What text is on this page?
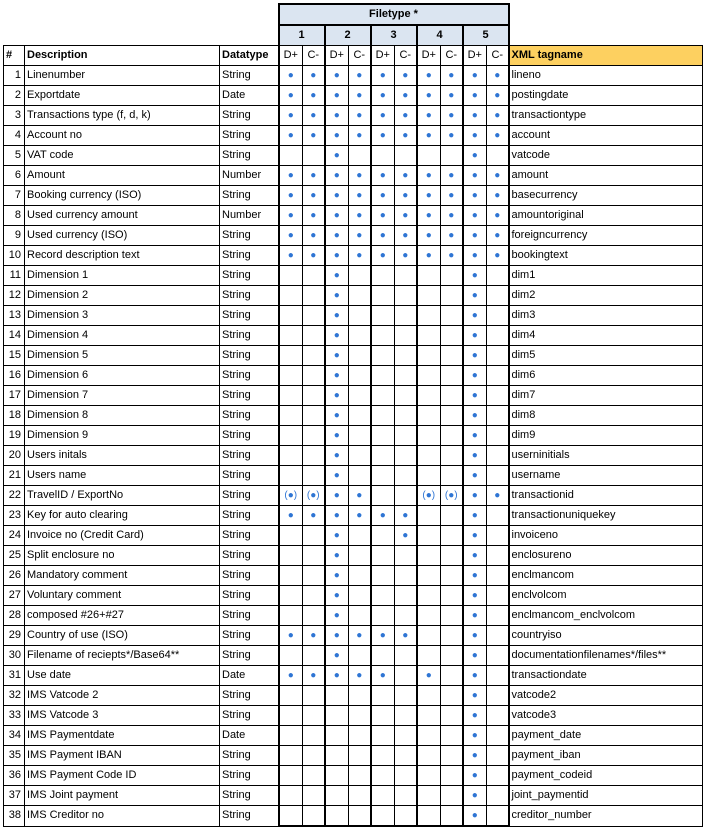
			Filetype *										
			1		2		3		4		5		
#	Description	Datatype	D+	C-	D+	C-	D+	C-	D+	C-	D+	C-	XML tagname
1	Linenumber	String	●	●	●	●	●	●	●	●	●	●	lineno
2	Exportdate	Date	●	●	●	●	●	●	●	●	●	●	postingdate
3	Transactions type (f, d, k)	String	●	●	●	●	●	●	●	●	●	●	transactiontype
4	Account no	String	●	●	●	●	●	●	●	●	●	●	account
5	VAT code	String			●						●		vatcode
6	Amount	Number	●	●	●	●	●	●	●	●	●	●	amount
7	Booking currency (ISO)	String	●	●	●	●	●	●	●	●	●	●	basecurrency
8	Used currency amount	Number	●	●	●	●	●	●	●	●	●	●	amountoriginal
9	Used currency (ISO)	String	●	●	●	●	●	●	●	●	●	●	foreigncurrency
10	Record description text	String	●	●	●	●	●	●	●	●	●	●	bookingtext
11	Dimension 1	String			●						●		dim1
12	Dimension 2	String			●						●		dim2
13	Dimension 3	String			●						●		dim3
14	Dimension 4	String			●						●		dim4
15	Dimension 5	String			●						●		dim5
16	Dimension 6	String			●						●		dim6
17	Dimension 7	String			●						●		dim7
18	Dimension 8	String			●						●		dim8
19	Dimension 9	String			●						●		dim9
20	Users initals	String			●						●		userninitials
21	Users name	String			●						●		username
22	TravelID / ExportNo	String	(●)	(●)	●	●			(●)	(●)	●	●	transactionid
23	Key for auto clearing	String	●	●	●	●	●	●			●		transactionuniquekey
24	Invoice no (Credit Card)	String			●			●			●		invoiceno
25	Split enclosure no	String			●						●		enclosureno
26	Mandatory comment	String			●						●		enclmancom
27	Voluntary comment	String			●						●		enclvolcom
28	composed #26+#27	String			●						●		enclmancom_enclvolcom
29	Country of use (ISO)	String	●	●	●	●	●	●			●		countryiso
30	Filename of reciepts*/Base64**	String			●						●		documentationfilenames*/files**
31	Use date	Date	●	●	●	●	●		●		●		transactiondate
32	IMS Vatcode 2	String									●		vatcode2
33	IMS Vatcode 3	String									●		vatcode3
34	IMS Paymentdate	Date									●		payment_date
35	IMS Payment IBAN	String									●		payment_iban
36	IMS Payment Code ID	String									●		payment_codeid
37	IMS Joint payment	String									●		joint_paymentid
38	IMS Creditor no	String									●		creditor_number
